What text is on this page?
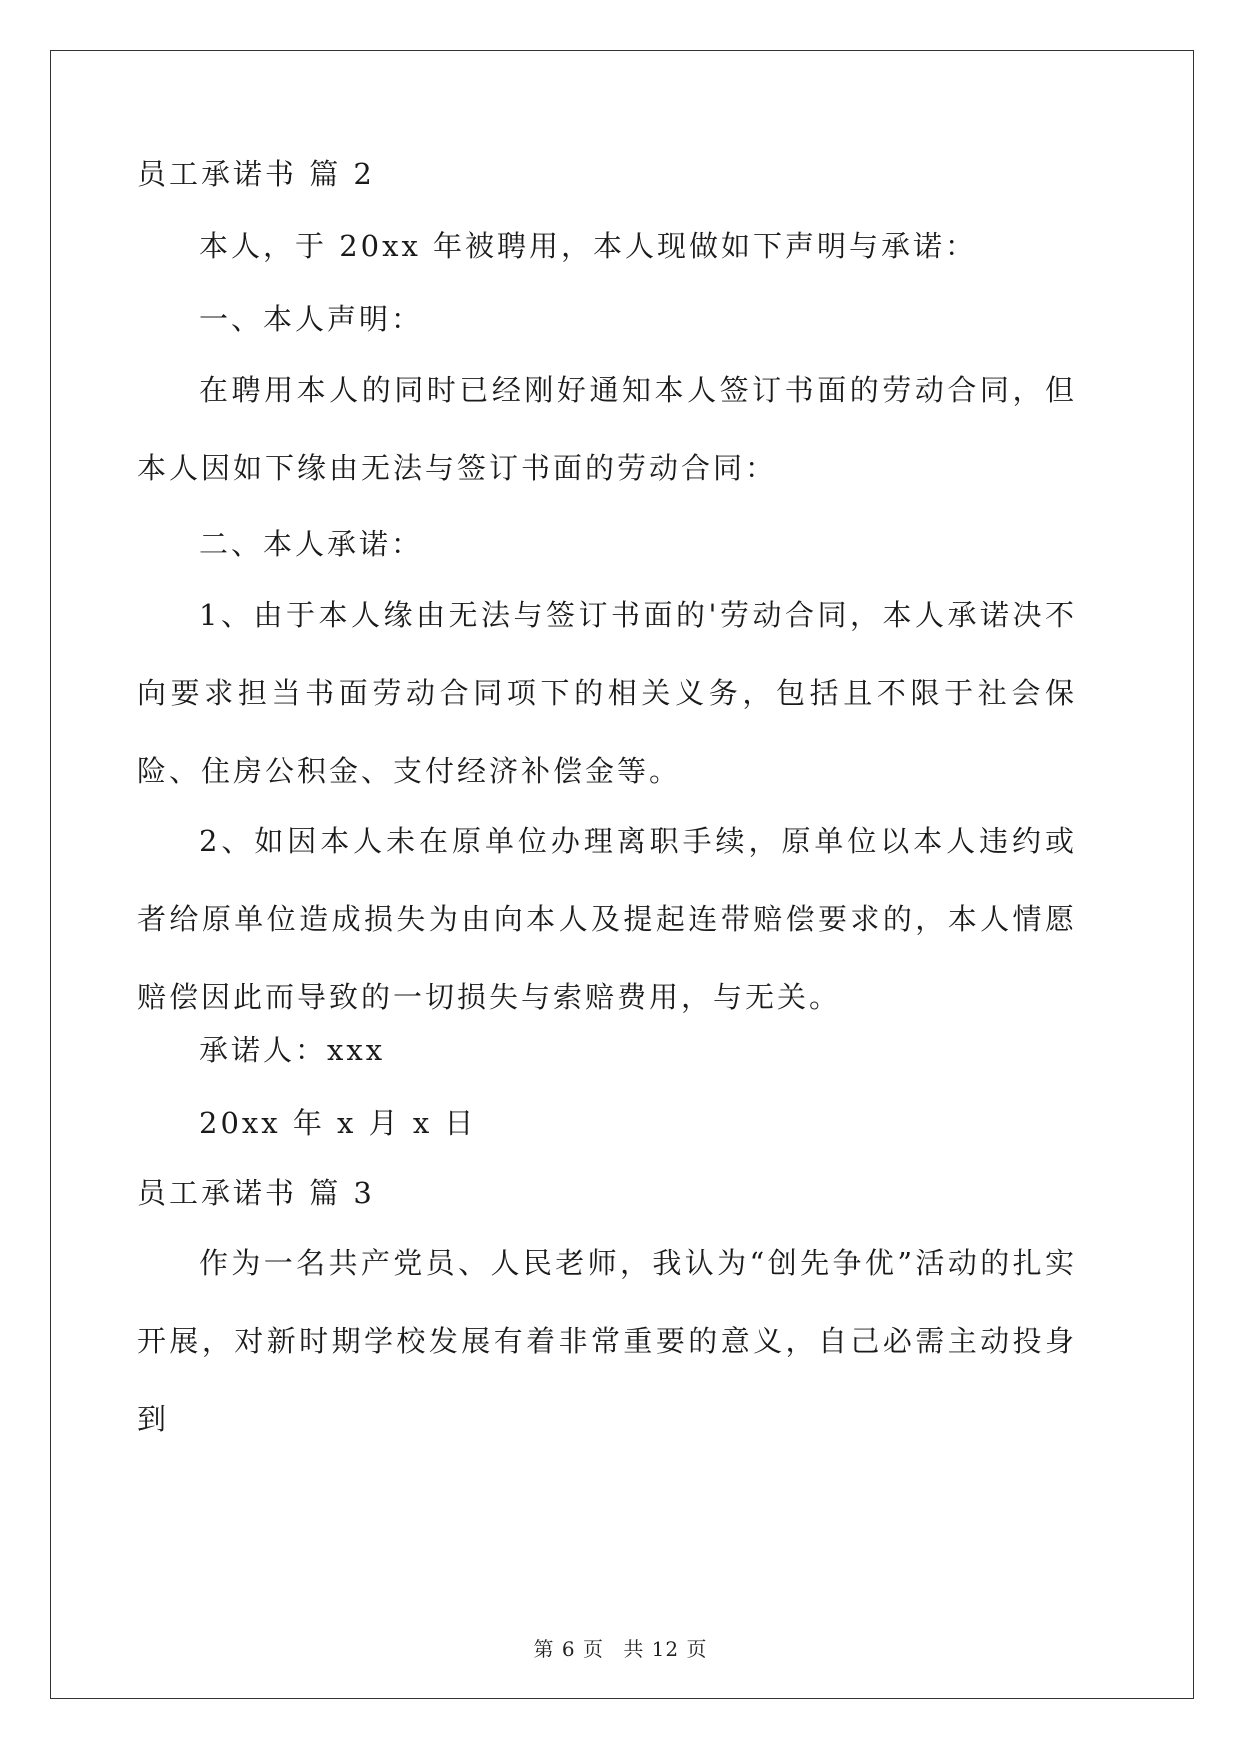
员工承诺书 篇 2
本人，于 20xx 年被聘用，本人现做如下声明与承诺：
一、本人声明：
在聘用本人的同时已经刚好通知本人签订书面的劳动合同，但本人因如下缘由无法与签订书面的劳动合同：
二、本人承诺：
1、由于本人缘由无法与签订书面的'劳动合同，本人承诺决不向要求担当书面劳动合同项下的相关义务，包括且不限于社会保险、住房公积金、支付经济补偿金等。
2、如因本人未在原单位办理离职手续，原单位以本人违约或者给原单位造成损失为由向本人及提起连带赔偿要求的，本人情愿赔偿因此而导致的一切损失与索赔费用，与无关。
承诺人：xxx
20xx 年 x 月 x 日
员工承诺书 篇 3
作为一名共产党员、人民老师，我认为“创先争优”活动的扎实开展，对新时期学校发展有着非常重要的意义，自己必需主动投身到
第 6 页 共 12 页
